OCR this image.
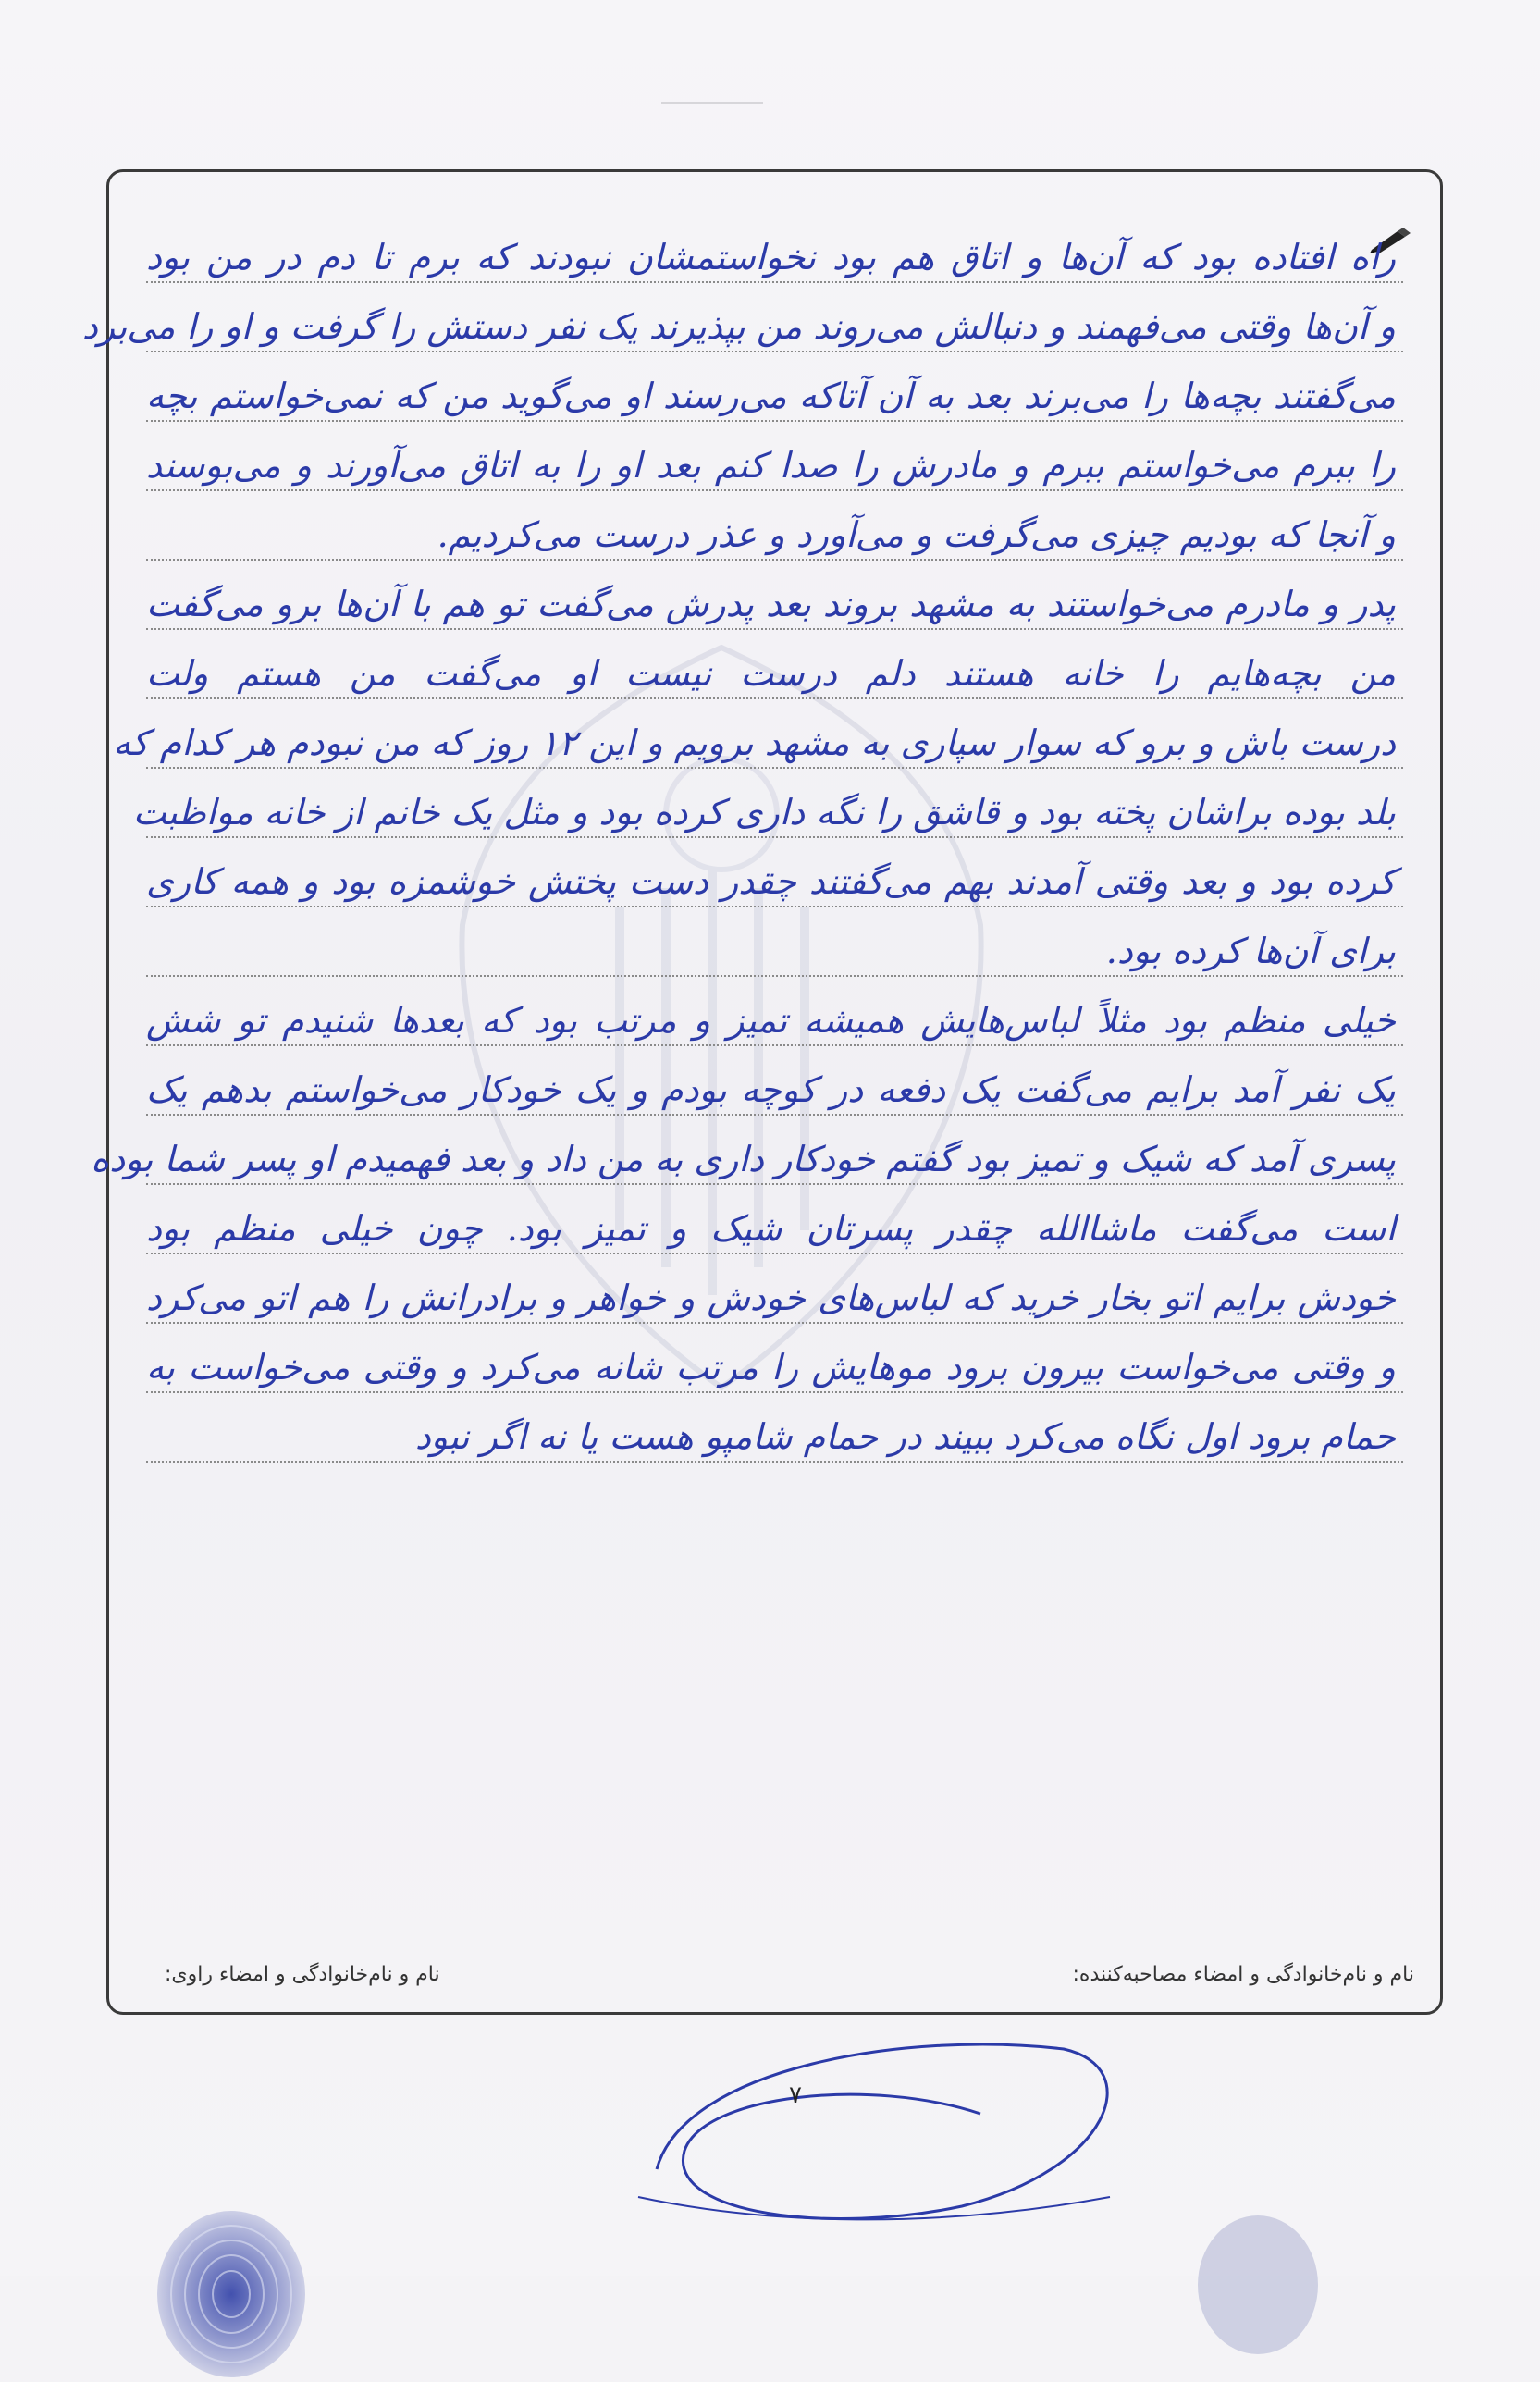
راه افتاده بود که آن‌ها و اتاق هم بود نخواستمشان نبودند که برم تا دم در من بود
و آن‌ها وقتی می‌فهمند و دنبالش می‌روند من بپذیرند یک نفر دستش را گرفت و او را می‌برد
می‌گفتند بچه‌ها را می‌برند بعد به آن آتاکه می‌رسند او می‌گوید من که نمی‌خواستم بچه‌
را ببرم می‌خواستم ببرم و مادرش را صدا کنم بعد او را به اتاق می‌آورند و می‌بوسند
و آنجا که بودیم چیزی می‌گرفت و می‌آورد و عذر درست می‌کردیم.
پدر و مادرم می‌خواستند به مشهد بروند بعد پدرش می‌گفت تو هم با آن‌ها برو می‌گفت
من بچه‌هایم را خانه هستند دلم درست نیست او می‌گفت من هستم ولت
درست باش و برو که سوار سپاری به مشهد برویم و این ۱۲ روز که من نبودم هر کدام که
بلد بوده براشان پخته بود و قاشق را نگه داری کرده بود و مثل یک خانم از خانه مواظبت
کرده بود و بعد وقتی آمدند بهم می‌گفتند چقدر دست پختش خوشمزه بود و همه کاری
برای آن‌ها کرده بود.
خیلی منظم بود مثلاً لباس‌هایش همیشه تمیز و مرتب بود که بعدها شنیدم تو شش
یک نفر آمد برایم می‌گفت یک دفعه در کوچه بودم و یک خودکار می‌خواستم بدهم یک
پسری آمد که شیک و تمیز بود گفتم خودکار داری به من داد و بعد فهمیدم او پسر شما بوده
است می‌گفت ماشاالله چقدر پسرتان شیک و تمیز بود. چون خیلی منظم بود
خودش برایم اتو بخار خرید که لباس‌های خودش و خواهر و برادرانش را هم اتو می‌کرد
و وقتی می‌خواست بیرون برود موهایش را مرتب شانه می‌کرد و وقتی می‌خواست به
حمام برود اول نگاه می‌کرد ببیند در حمام شامپو هست یا نه اگر نبود
نام و نام‌خانوادگی و امضاء مصاحبه‌کننده:
نام و نام‌خانوادگی و امضاء راوی:
۷
